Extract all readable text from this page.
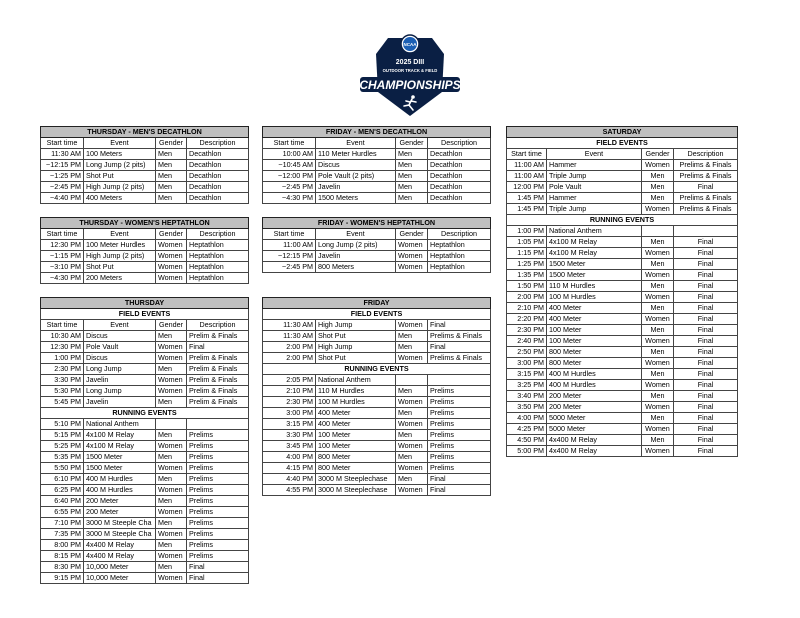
NCAA
2025 DIII
OUTDOOR TRACK & FIELD
CHAMPIONSHIPS
THURSDAY - MEN'S DECATHLON			
Start time	Event	Gender	Description
11:30 AM	100 Meters	Men	Decathlon
~12:15 PM	Long Jump (2 pits)	Men	Decathlon
~1:25 PM	Shot Put	Men	Decathlon
~2:45 PM	High Jump (2 pits)	Men	Decathlon
~4:40 PM	400 Meters	Men	Decathlon
THURSDAY - WOMEN'S HEPTATHLON			
Start time	Event	Gender	Description
12:30 PM	100 Meter Hurdles	Women	Heptathlon
~1:15 PM	High Jump (2 pits)	Women	Heptathlon
~3:10 PM	Shot Put	Women	Heptathlon
~4:30 PM	200 Meters	Women	Heptathlon
FRIDAY - MEN'S DECATHLON			
Start time	Event	Gender	Description
10:00 AM	110 Meter Hurdles	Men	Decathlon
~10:45 AM	Discus	Men	Decathlon
~12:00 PM	Pole Vault (2 pits)	Men	Decathlon
~2:45 PM	Javelin	Men	Decathlon
~4:30 PM	1500 Meters	Men	Decathlon
FRIDAY - WOMEN'S HEPTATHLON			
Start time	Event	Gender	Description
11:00 AM	Long Jump (2 pits)	Women	Heptathlon
~12:15 PM	Javelin	Women	Heptathlon
~2:45 PM	800 Meters	Women	Heptathlon
THURSDAY			
FIELD EVENTS			
Start time	Event	Gender	Description
10:30 AM	Discus	Men	Prelim & Finals
12:30 PM	Pole Vault	Women	Final
1:00 PM	Discus	Women	Prelim & Finals
2:30 PM	Long Jump	Men	Prelim & Finals
3:30 PM	Javelin	Women	Prelim & Finals
5:30 PM	Long Jump	Women	Prelim & Finals
5:45 PM	Javelin	Men	Prelim & Finals
RUNNING EVENTS			
5:10 PM	National Anthem		
5:15 PM	4x100 M Relay	Men	Prelims
5:25 PM	4x100 M Relay	Women	Prelims
5:35 PM	1500 Meter	Men	Prelims
5:50 PM	1500 Meter	Women	Prelims
6:10 PM	400 M Hurdles	Men	Prelims
6:25 PM	400 M Hurdles	Women	Prelims
6:40 PM	200 Meter	Men	Prelims
6:55 PM	200 Meter	Women	Prelims
7:10 PM	3000 M Steeple Cha	Men	Prelims
7:35 PM	3000 M Steeple Cha	Women	Prelims
8:00 PM	4x400 M Relay	Men	Prelims
8:15 PM	4x400 M Relay	Women	Prelims
8:30 PM	10,000 Meter	Men	Final
9:15 PM	10,000 Meter	Women	Final
FRIDAY			
FIELD EVENTS			
11:30 AM	High Jump	Women	Final
11:30 AM	Shot Put	Men	Prelims & Finals
2:00 PM	High Jump	Men	Final
2:00 PM	Shot Put	Women	Prelims & Finals
RUNNING EVENTS			
2:05 PM	National Anthem		
2:10 PM	110 M Hurdles	Men	Prelims
2:30 PM	100 M Hurdles	Women	Prelims
3:00 PM	400 Meter	Men	Prelims
3:15 PM	400 Meter	Women	Prelims
3:30 PM	100 Meter	Men	Prelims
3:45 PM	100 Meter	Women	Prelims
4:00 PM	800 Meter	Men	Prelims
4:15 PM	800 Meter	Women	Prelims
4:40 PM	3000 M Steeplechase	Men	Final
4:55 PM	3000 M Steeplechase	Women	Final
SATURDAY			
FIELD EVENTS			
Start time	Event	Gender	Description
11:00 AM	Hammer	Women	Prelims & Finals
11:00 AM	Triple Jump	Men	Prelims & Finals
12:00 PM	Pole Vault	Men	Final
1:45 PM	Hammer	Men	Prelims & Finals
1:45 PM	Triple Jump	Women	Prelims & Finals
RUNNING EVENTS			
1:00 PM	National Anthem		
1:05 PM	4x100 M Relay	Men	Final
1:15 PM	4x100 M Relay	Women	Final
1:25 PM	1500 Meter	Men	Final
1:35 PM	1500 Meter	Women	Final
1:50 PM	110 M Hurdles	Men	Final
2:00 PM	100 M Hurdles	Women	Final
2:10 PM	400 Meter	Men	Final
2:20 PM	400 Meter	Women	Final
2:30 PM	100 Meter	Men	Final
2:40 PM	100 Meter	Women	Final
2:50 PM	800 Meter	Men	Final
3:00 PM	800 Meter	Women	Final
3:15 PM	400 M Hurdles	Men	Final
3:25 PM	400 M Hurdles	Women	Final
3:40 PM	200 Meter	Men	Final
3:50 PM	200 Meter	Women	Final
4:00 PM	5000 Meter	Men	Final
4:25 PM	5000 Meter	Women	Final
4:50 PM	4x400 M Relay	Men	Final
5:00 PM	4x400 M Relay	Women	Final
